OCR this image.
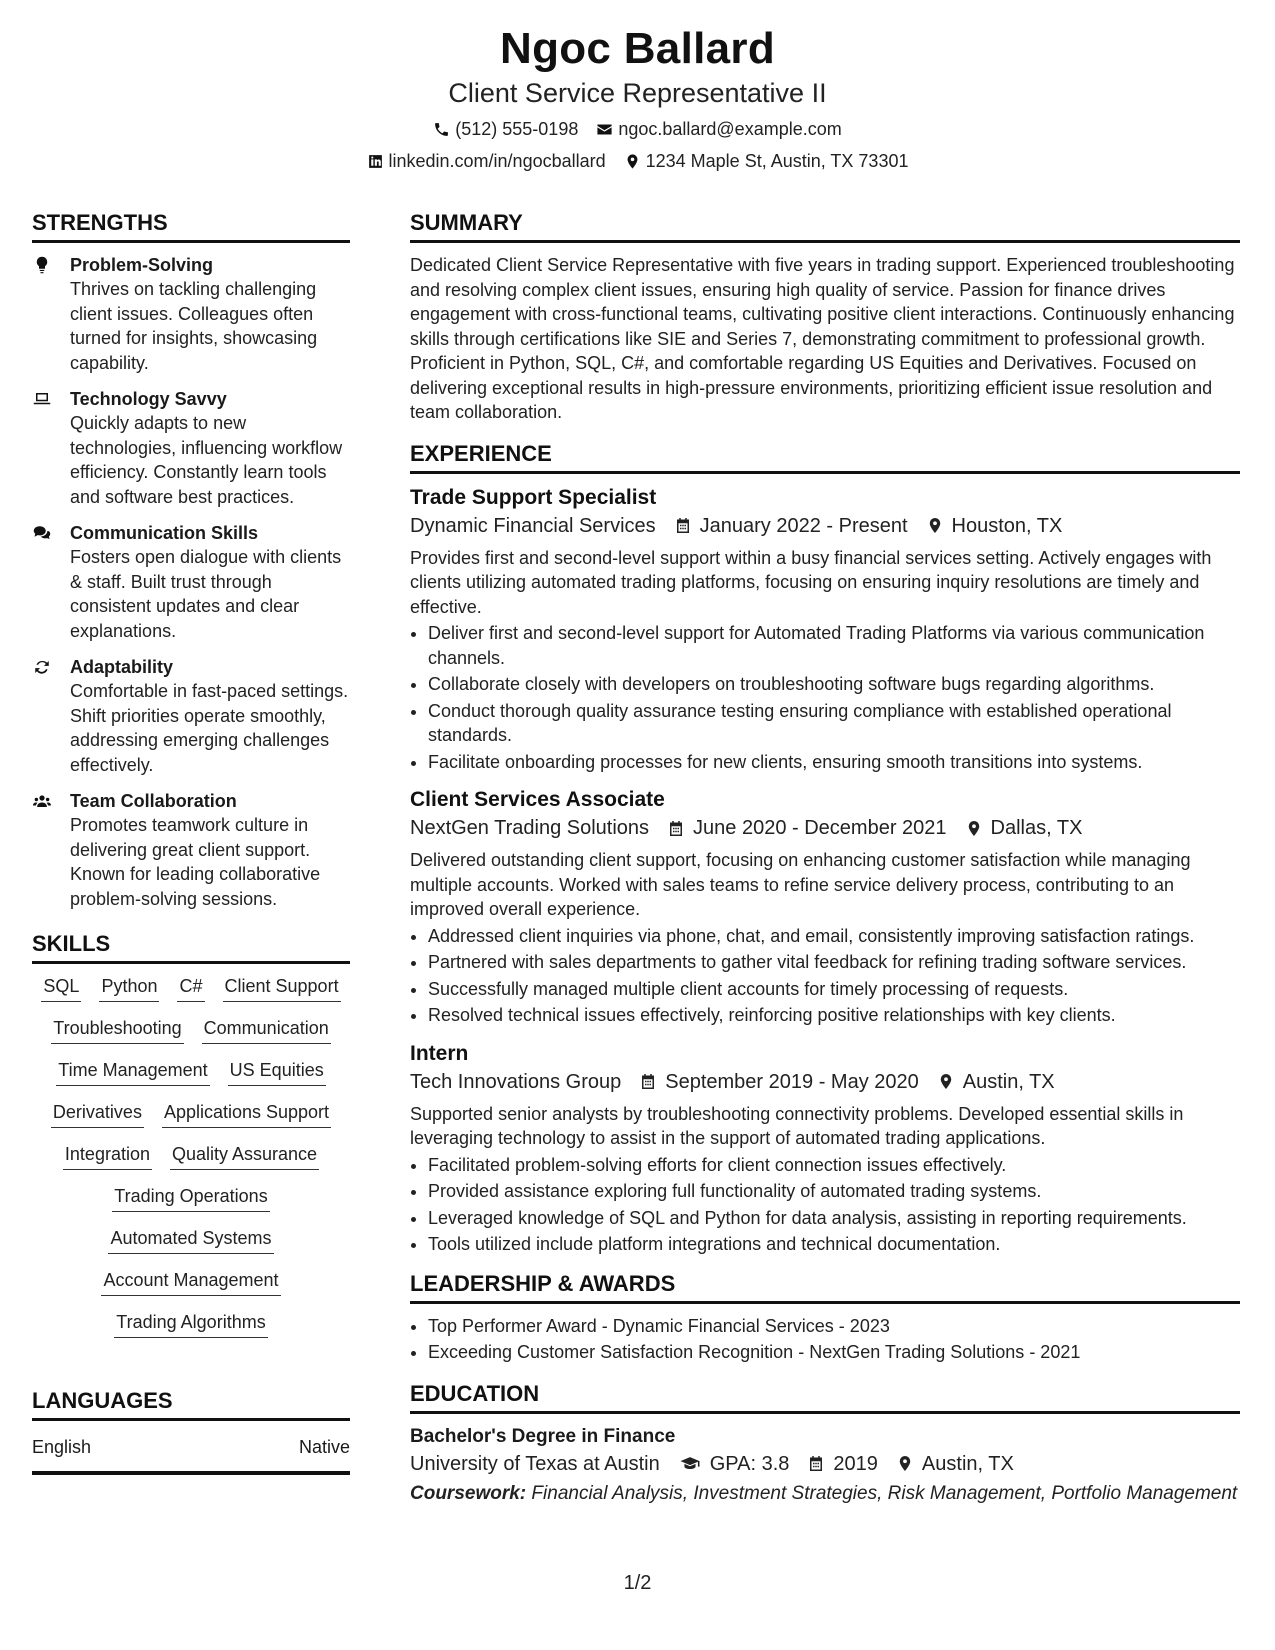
Ngoc Ballard
Client Service Representative II
(512) 555-0198 ngoc.ballard@example.com
linkedin.com/in/ngocballard 1234 Maple St, Austin, TX 73301
STRENGTHS
Problem-Solving
Thrives on tackling challenging client issues. Colleagues often turned for insights, showcasing capability.
Technology Savvy
Quickly adapts to new technologies, influencing workflow efficiency. Constantly learn tools and software best practices.
Communication Skills
Fosters open dialogue with clients & staff. Built trust through consistent updates and clear explanations.
Adaptability
Comfortable in fast-paced settings. Shift priorities operate smoothly, addressing emerging challenges effectively.
Team Collaboration
Promotes teamwork culture in delivering great client support. Known for leading collaborative problem-solving sessions.
SKILLS
SQL Python C# Client Support
Troubleshooting Communication
Time Management US Equities
Derivatives Applications Support
Integration Quality Assurance
Trading Operations
Automated Systems
Account Management
Trading Algorithms
LANGUAGES
English	Native
SUMMARY
Dedicated Client Service Representative with five years in trading support. Experienced troubleshooting and resolving complex client issues, ensuring high quality of service. Passion for finance drives engagement with cross-functional teams, cultivating positive client interactions. Continuously enhancing skills through certifications like SIE and Series 7, demonstrating commitment to professional growth. Proficient in Python, SQL, C#, and comfortable regarding US Equities and Derivatives. Focused on delivering exceptional results in high-pressure environments, prioritizing efficient issue resolution and team collaboration.
EXPERIENCE
Trade Support Specialist
Dynamic Financial Services January 2022 - Present Houston, TX
Provides first and second-level support within a busy financial services setting. Actively engages with clients utilizing automated trading platforms, focusing on ensuring inquiry resolutions are timely and effective.
• Deliver first and second-level support for Automated Trading Platforms via various communication channels.
• Collaborate closely with developers on troubleshooting software bugs regarding algorithms.
• Conduct thorough quality assurance testing ensuring compliance with established operational standards.
• Facilitate onboarding processes for new clients, ensuring smooth transitions into systems.
Client Services Associate
NextGen Trading Solutions June 2020 - December 2021 Dallas, TX
Delivered outstanding client support, focusing on enhancing customer satisfaction while managing multiple accounts. Worked with sales teams to refine service delivery process, contributing to an improved overall experience.
• Addressed client inquiries via phone, chat, and email, consistently improving satisfaction ratings.
• Partnered with sales departments to gather vital feedback for refining trading software services.
• Successfully managed multiple client accounts for timely processing of requests.
• Resolved technical issues effectively, reinforcing positive relationships with key clients.
Intern
Tech Innovations Group September 2019 - May 2020 Austin, TX
Supported senior analysts by troubleshooting connectivity problems. Developed essential skills in leveraging technology to assist in the support of automated trading applications.
• Facilitated problem-solving efforts for client connection issues effectively.
• Provided assistance exploring full functionality of automated trading systems.
• Leveraged knowledge of SQL and Python for data analysis, assisting in reporting requirements.
• Tools utilized include platform integrations and technical documentation.
LEADERSHIP & AWARDS
• Top Performer Award - Dynamic Financial Services - 2023
• Exceeding Customer Satisfaction Recognition - NextGen Trading Solutions - 2021
EDUCATION
Bachelor's Degree in Finance
University of Texas at Austin	GPA: 3.8 2019 Austin, TX
Coursework: Financial Analysis, Investment Strategies, Risk Management, Portfolio Management
1/2
